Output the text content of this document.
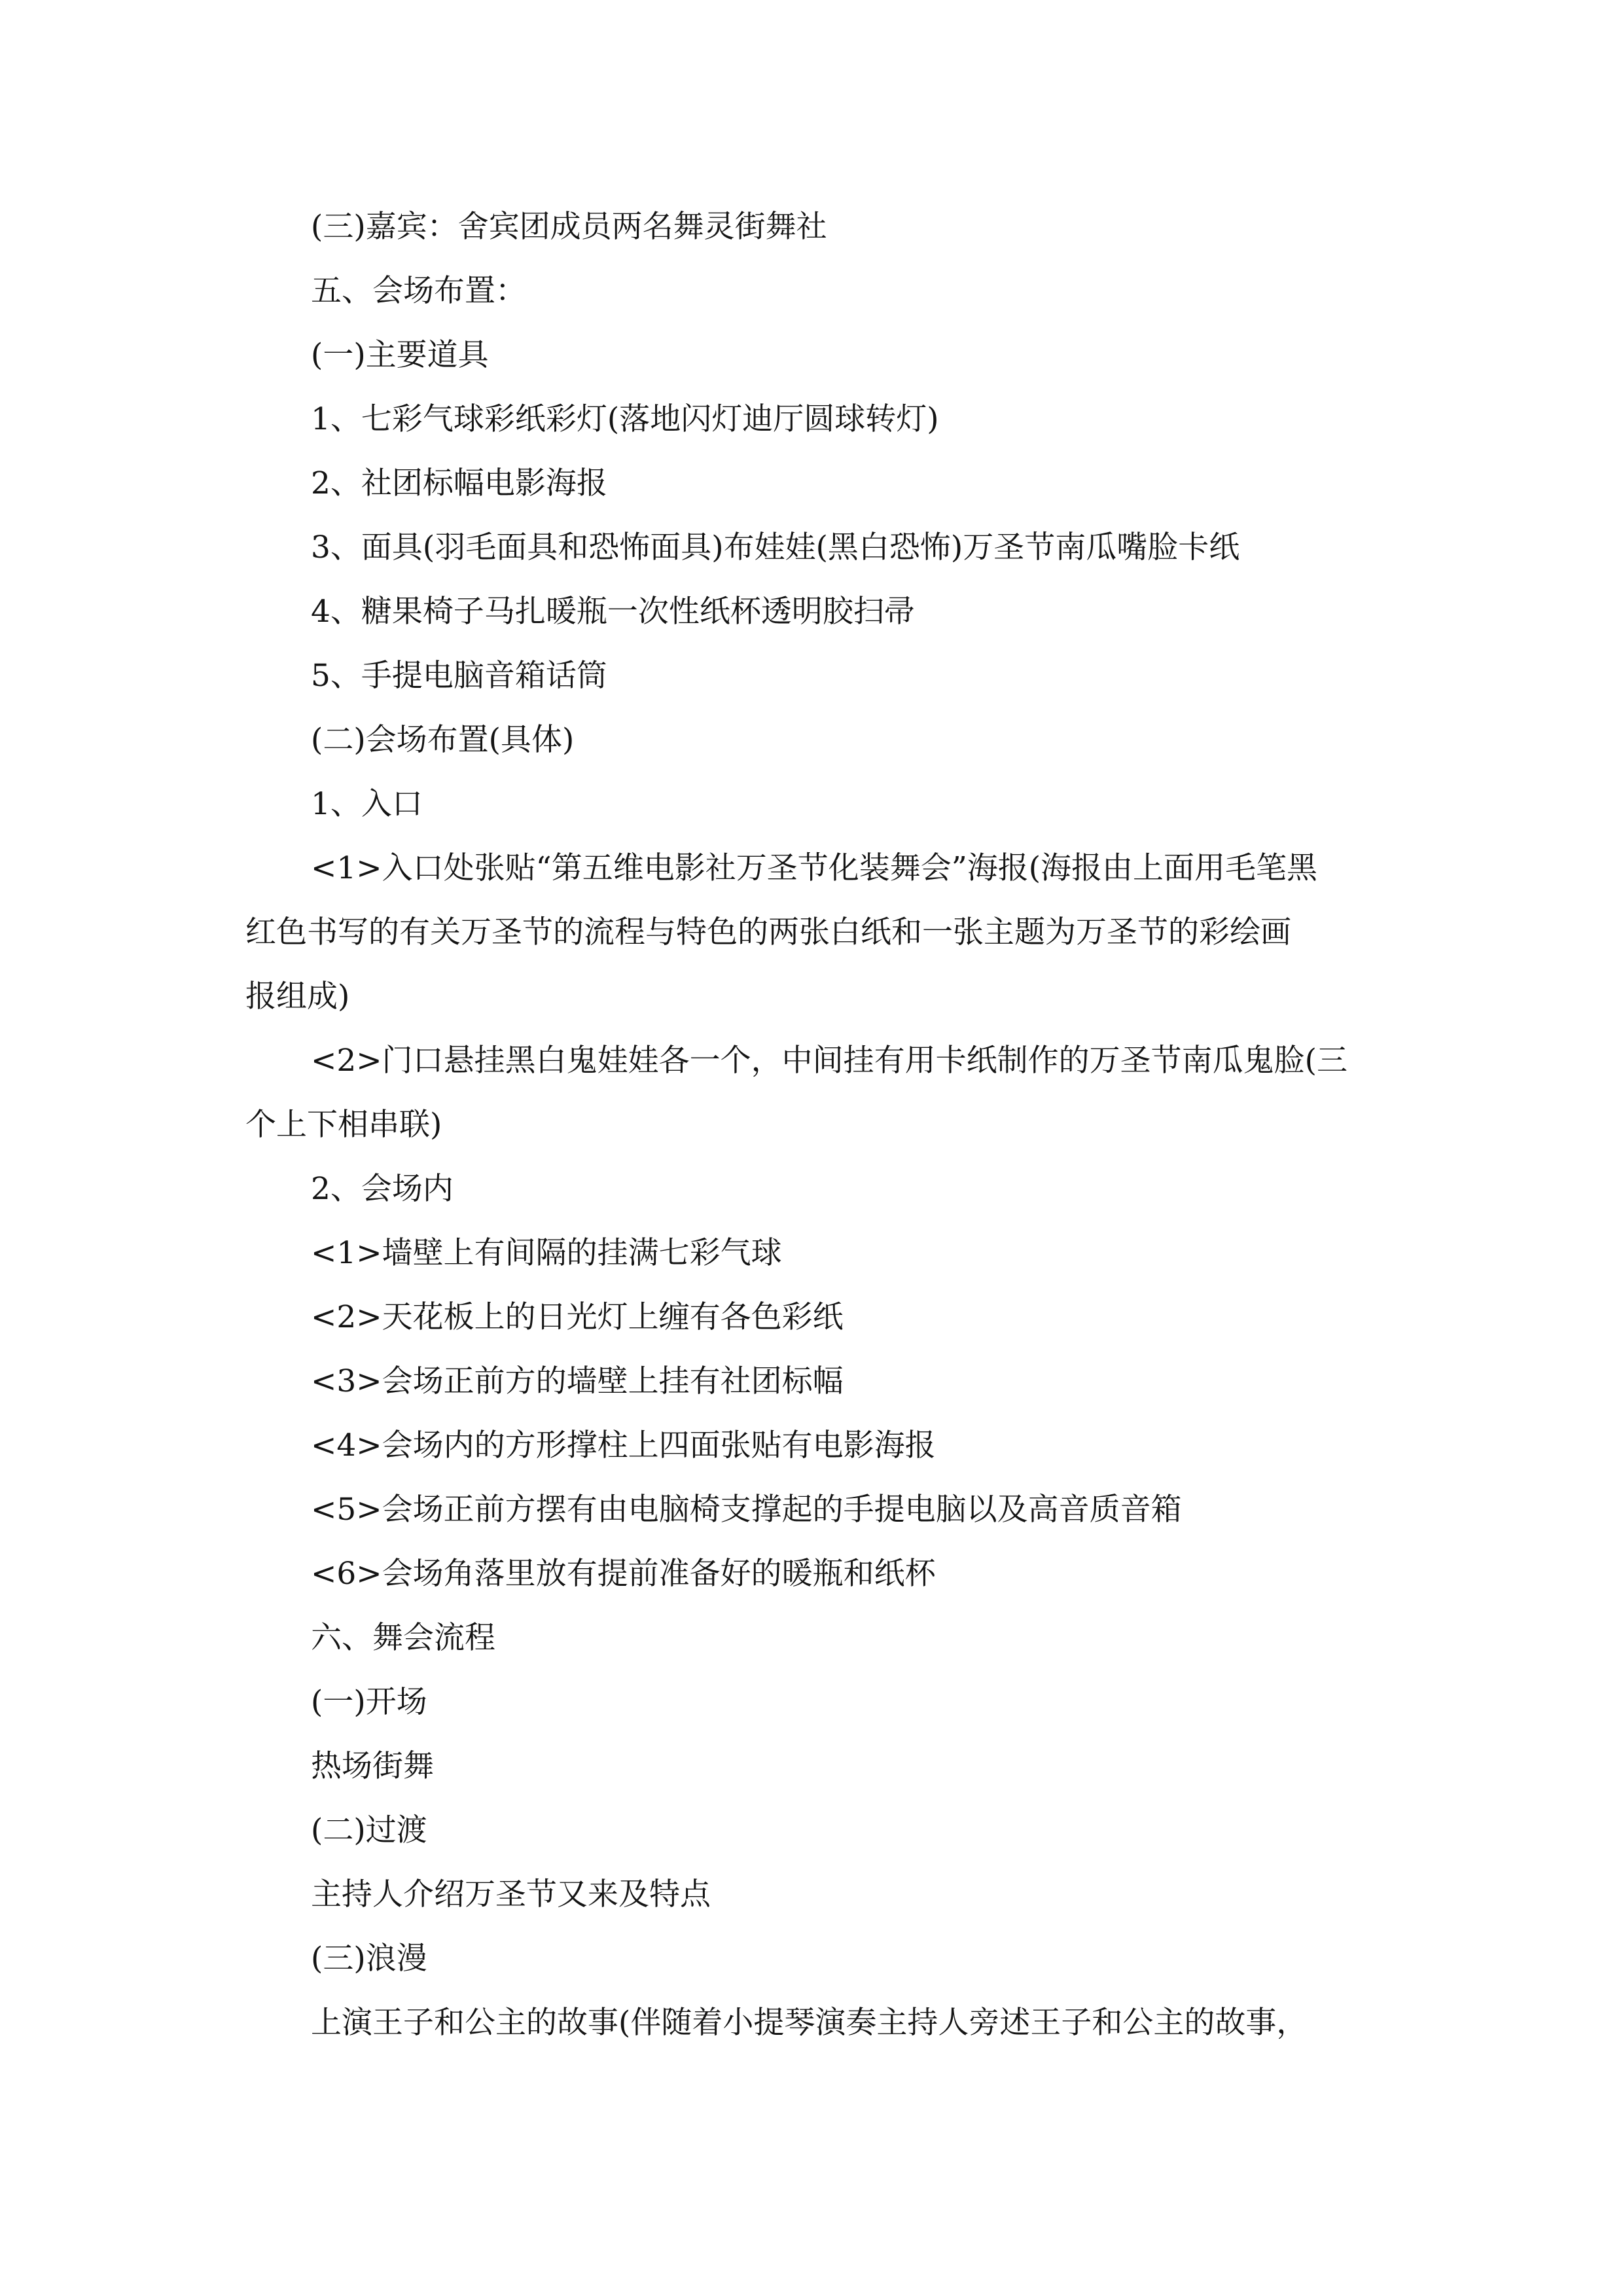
(三)嘉宾：舍宾团成员两名舞灵街舞社
五、会场布置：
(一)主要道具
1、七彩气球彩纸彩灯(落地闪灯迪厅圆球转灯)
2、社团标幅电影海报
3、面具(羽毛面具和恐怖面具)布娃娃(黑白恐怖)万圣节南瓜嘴脸卡纸
4、糖果椅子马扎暖瓶一次性纸杯透明胶扫帚
5、手提电脑音箱话筒
(二)会场布置(具体)
1、入口
<1>入口处张贴“第五维电影社万圣节化装舞会”海报(海报由上面用毛笔黑
红色书写的有关万圣节的流程与特色的两张白纸和一张主题为万圣节的彩绘画
报组成)
<2>门口悬挂黑白鬼娃娃各一个，中间挂有用卡纸制作的万圣节南瓜鬼脸(三
个上下相串联)
2、会场内
<1>墙壁上有间隔的挂满七彩气球
<2>天花板上的日光灯上缠有各色彩纸
<3>会场正前方的墙壁上挂有社团标幅
<4>会场内的方形撑柱上四面张贴有电影海报
<5>会场正前方摆有由电脑椅支撑起的手提电脑以及高音质音箱
<6>会场角落里放有提前准备好的暖瓶和纸杯
六、舞会流程
(一)开场
热场街舞
(二)过渡
主持人介绍万圣节又来及特点
(三)浪漫
上演王子和公主的故事(伴随着小提琴演奏主持人旁述王子和公主的故事，
